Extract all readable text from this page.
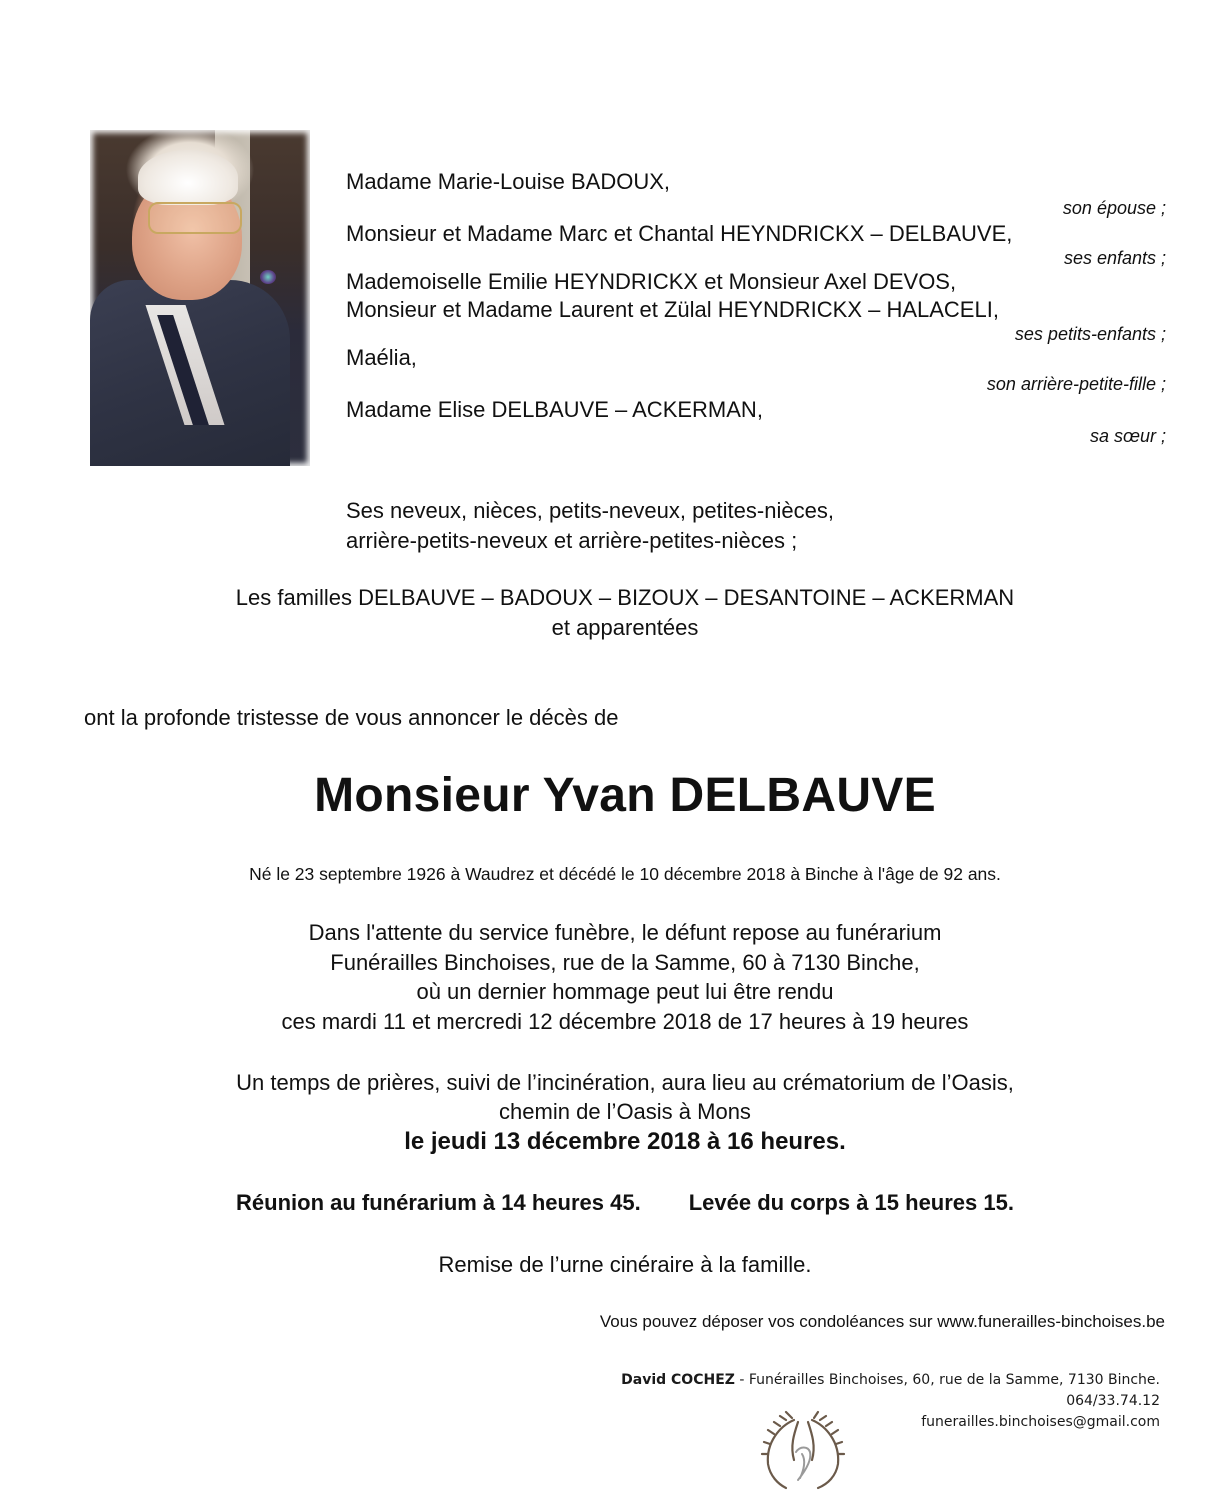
Madame Marie-Louise BADOUX,
son épouse ;
Monsieur et Madame Marc et Chantal HEYNDRICKX – DELBAUVE,
ses enfants ;
Mademoiselle Emilie HEYNDRICKX et Monsieur Axel DEVOS,
Monsieur et Madame Laurent et Zülal HEYNDRICKX – HALACELI,
ses petits-enfants ;
Maélia,
son arrière-petite-fille ;
Madame Elise DELBAUVE – ACKERMAN,
sa sœur ;
Ses neveux, nièces, petits-neveux, petites-nièces,
arrière-petits-neveux et arrière-petites-nièces ;
Les familles DELBAUVE – BADOUX – BIZOUX – DESANTOINE – ACKERMAN
et apparentées
ont la profonde tristesse de vous annoncer le décès de
Monsieur Yvan DELBAUVE
Né le 23 septembre 1926 à Waudrez et décédé le 10 décembre 2018 à Binche à l'âge de 92 ans.
Dans l'attente du service funèbre, le défunt repose au funérarium
Funérailles Binchoises, rue de la Samme, 60 à 7130 Binche,
où un dernier hommage peut lui être rendu
ces mardi 11 et mercredi 12 décembre 2018 de 17 heures à 19 heures
Un temps de prières, suivi de l’incinération, aura lieu au crématorium de l’Oasis,
chemin de l’Oasis à Mons
le jeudi 13 décembre 2018 à 16 heures.
Réunion au funérarium à 14 heures 45. Levée du corps à 15 heures 15.
Remise de l’urne cinéraire à la famille.
Vous pouvez déposer vos condoléances sur www.funerailles-binchoises.be
David COCHEZ - Funérailles Binchoises, 60, rue de la Samme, 7130 Binche.
064/33.74.12
funerailles.binchoises@gmail.com
